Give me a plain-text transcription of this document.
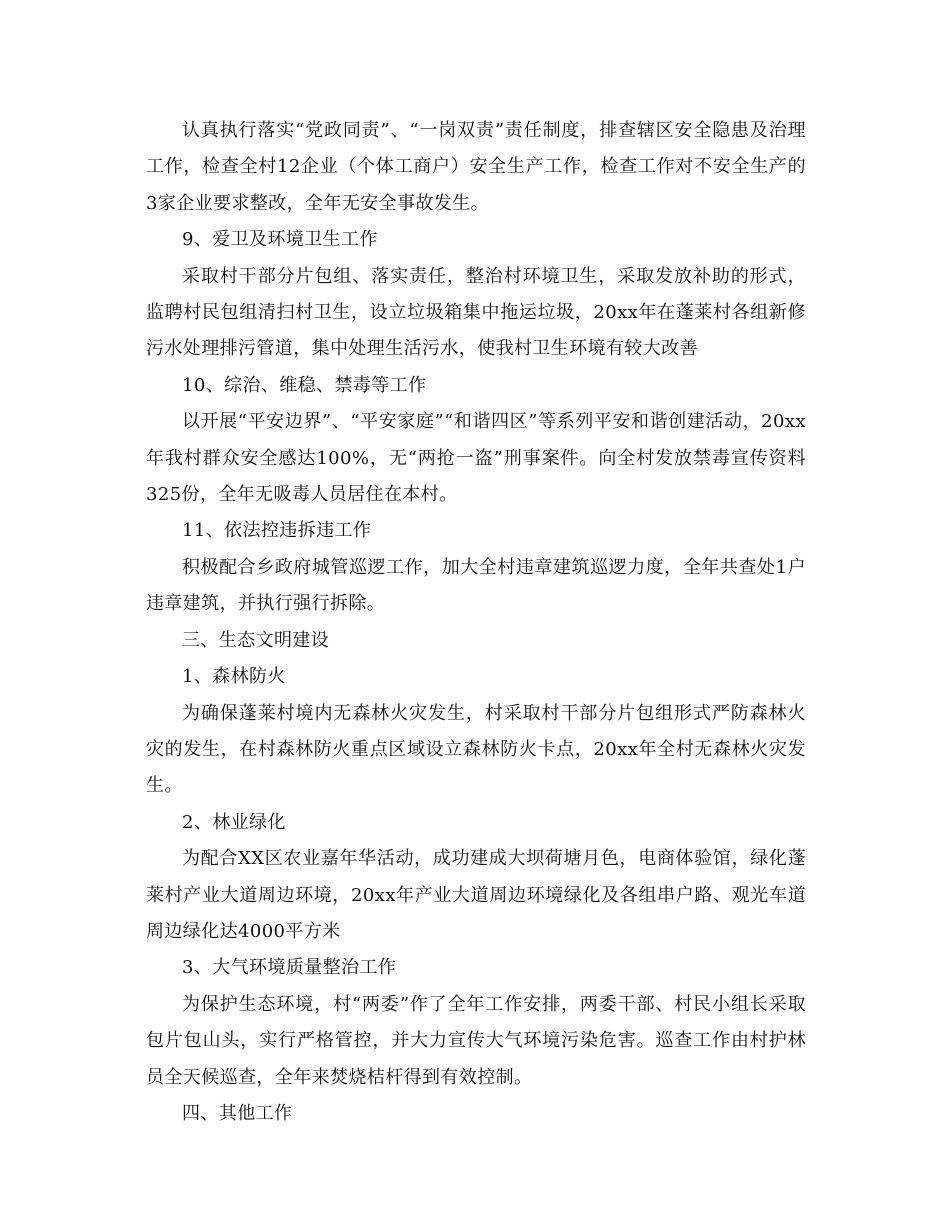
认真执行落实“党政同责”、“一岗双责”责任制度，排查辖区安全隐患及治理工作，检查全村12企业（个体工商户）安全生产工作，检查工作对不安全生产的3家企业要求整改，全年无安全事故发生。

9、爱卫及环境卫生工作

采取村干部分片包组、落实责任，整治村环境卫生，采取发放补助的形式，监聘村民包组清扫村卫生，设立垃圾箱集中拖运垃圾，20xx年在蓬莱村各组新修污水处理排污管道，集中处理生活污水，使我村卫生环境有较大改善

10、综治、维稳、禁毒等工作

以开展“平安边界”、“平安家庭”“和谐四区”等系列平安和谐创建活动，20xx年我村群众安全感达100%，无“两抢一盗”刑事案件。向全村发放禁毒宣传资料325份，全年无吸毒人员居住在本村。

11、依法控违拆违工作

积极配合乡政府城管巡逻工作，加大全村违章建筑巡逻力度，全年共查处1户违章建筑，并执行强行拆除。

三、生态文明建设

1、森林防火

为确保蓬莱村境内无森林火灾发生，村采取村干部分片包组形式严防森林火灾的发生，在村森林防火重点区域设立森林防火卡点，20xx年全村无森林火灾发生。

2、林业绿化

为配合XX区农业嘉年华活动，成功建成大坝荷塘月色，电商体验馆，绿化蓬莱村产业大道周边环境，20xx年产业大道周边环境绿化及各组串户路、观光车道周边绿化达4000平方米

3、大气环境质量整治工作

为保护生态环境，村“两委”作了全年工作安排，两委干部、村民小组长采取包片包山头，实行严格管控，并大力宣传大气环境污染危害。巡查工作由村护林员全天候巡查，全年来焚烧桔杆得到有效控制。

四、其他工作
